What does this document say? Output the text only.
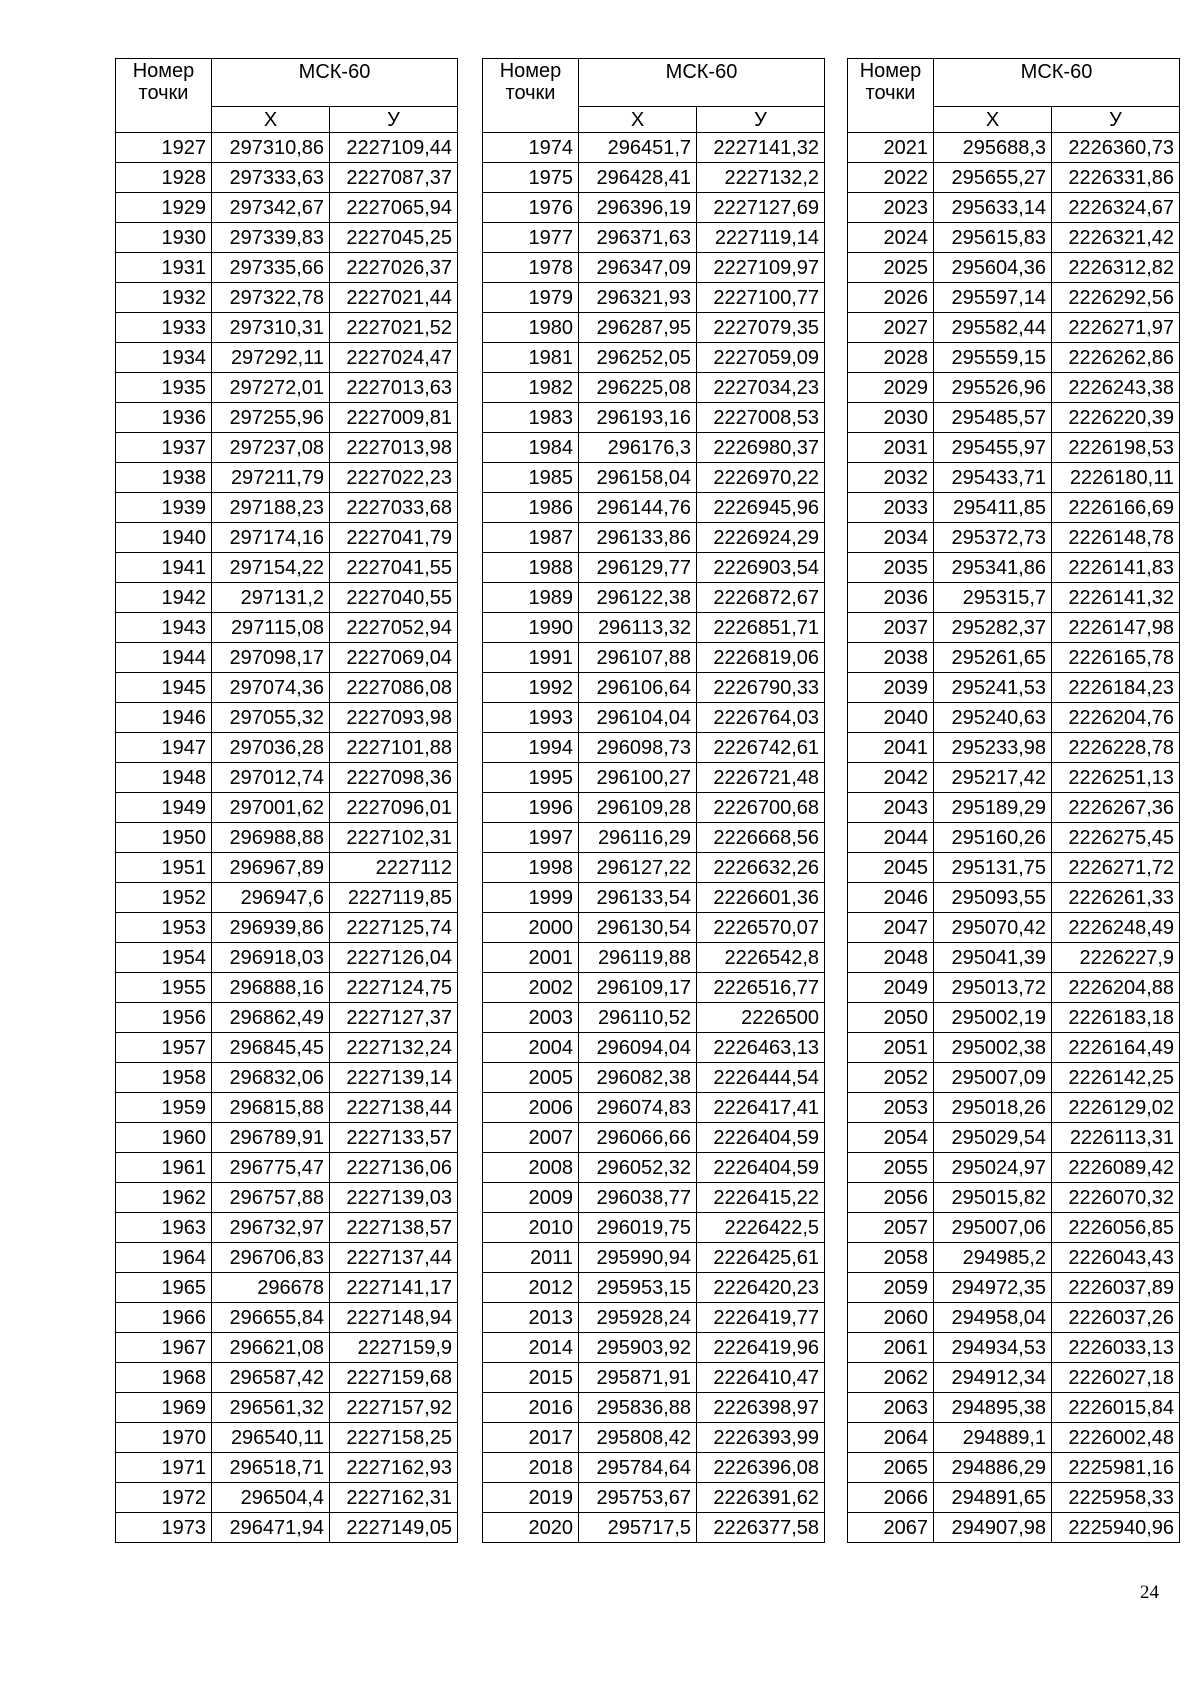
Номер точки	МСК-60	
	Х	У
1927	297310,86	2227109,44
1928	297333,63	2227087,37
1929	297342,67	2227065,94
1930	297339,83	2227045,25
1931	297335,66	2227026,37
1932	297322,78	2227021,44
1933	297310,31	2227021,52
1934	297292,11	2227024,47
1935	297272,01	2227013,63
1936	297255,96	2227009,81
1937	297237,08	2227013,98
1938	297211,79	2227022,23
1939	297188,23	2227033,68
1940	297174,16	2227041,79
1941	297154,22	2227041,55
1942	297131,2	2227040,55
1943	297115,08	2227052,94
1944	297098,17	2227069,04
1945	297074,36	2227086,08
1946	297055,32	2227093,98
1947	297036,28	2227101,88
1948	297012,74	2227098,36
1949	297001,62	2227096,01
1950	296988,88	2227102,31
1951	296967,89	2227112
1952	296947,6	2227119,85
1953	296939,86	2227125,74
1954	296918,03	2227126,04
1955	296888,16	2227124,75
1956	296862,49	2227127,37
1957	296845,45	2227132,24
1958	296832,06	2227139,14
1959	296815,88	2227138,44
1960	296789,91	2227133,57
1961	296775,47	2227136,06
1962	296757,88	2227139,03
1963	296732,97	2227138,57
1964	296706,83	2227137,44
1965	296678	2227141,17
1966	296655,84	2227148,94
1967	296621,08	2227159,9
1968	296587,42	2227159,68
1969	296561,32	2227157,92
1970	296540,11	2227158,25
1971	296518,71	2227162,93
1972	296504,4	2227162,31
1973	296471,94	2227149,05
Номер точки	МСК-60	
	Х	У
1974	296451,7	2227141,32
1975	296428,41	2227132,2
1976	296396,19	2227127,69
1977	296371,63	2227119,14
1978	296347,09	2227109,97
1979	296321,93	2227100,77
1980	296287,95	2227079,35
1981	296252,05	2227059,09
1982	296225,08	2227034,23
1983	296193,16	2227008,53
1984	296176,3	2226980,37
1985	296158,04	2226970,22
1986	296144,76	2226945,96
1987	296133,86	2226924,29
1988	296129,77	2226903,54
1989	296122,38	2226872,67
1990	296113,32	2226851,71
1991	296107,88	2226819,06
1992	296106,64	2226790,33
1993	296104,04	2226764,03
1994	296098,73	2226742,61
1995	296100,27	2226721,48
1996	296109,28	2226700,68
1997	296116,29	2226668,56
1998	296127,22	2226632,26
1999	296133,54	2226601,36
2000	296130,54	2226570,07
2001	296119,88	2226542,8
2002	296109,17	2226516,77
2003	296110,52	2226500
2004	296094,04	2226463,13
2005	296082,38	2226444,54
2006	296074,83	2226417,41
2007	296066,66	2226404,59
2008	296052,32	2226404,59
2009	296038,77	2226415,22
2010	296019,75	2226422,5
2011	295990,94	2226425,61
2012	295953,15	2226420,23
2013	295928,24	2226419,77
2014	295903,92	2226419,96
2015	295871,91	2226410,47
2016	295836,88	2226398,97
2017	295808,42	2226393,99
2018	295784,64	2226396,08
2019	295753,67	2226391,62
2020	295717,5	2226377,58
Номер точки	МСК-60	
	Х	У
2021	295688,3	2226360,73
2022	295655,27	2226331,86
2023	295633,14	2226324,67
2024	295615,83	2226321,42
2025	295604,36	2226312,82
2026	295597,14	2226292,56
2027	295582,44	2226271,97
2028	295559,15	2226262,86
2029	295526,96	2226243,38
2030	295485,57	2226220,39
2031	295455,97	2226198,53
2032	295433,71	2226180,11
2033	295411,85	2226166,69
2034	295372,73	2226148,78
2035	295341,86	2226141,83
2036	295315,7	2226141,32
2037	295282,37	2226147,98
2038	295261,65	2226165,78
2039	295241,53	2226184,23
2040	295240,63	2226204,76
2041	295233,98	2226228,78
2042	295217,42	2226251,13
2043	295189,29	2226267,36
2044	295160,26	2226275,45
2045	295131,75	2226271,72
2046	295093,55	2226261,33
2047	295070,42	2226248,49
2048	295041,39	2226227,9
2049	295013,72	2226204,88
2050	295002,19	2226183,18
2051	295002,38	2226164,49
2052	295007,09	2226142,25
2053	295018,26	2226129,02
2054	295029,54	2226113,31
2055	295024,97	2226089,42
2056	295015,82	2226070,32
2057	295007,06	2226056,85
2058	294985,2	2226043,43
2059	294972,35	2226037,89
2060	294958,04	2226037,26
2061	294934,53	2226033,13
2062	294912,34	2226027,18
2063	294895,38	2226015,84
2064	294889,1	2226002,48
2065	294886,29	2225981,16
2066	294891,65	2225958,33
2067	294907,98	2225940,96
24
